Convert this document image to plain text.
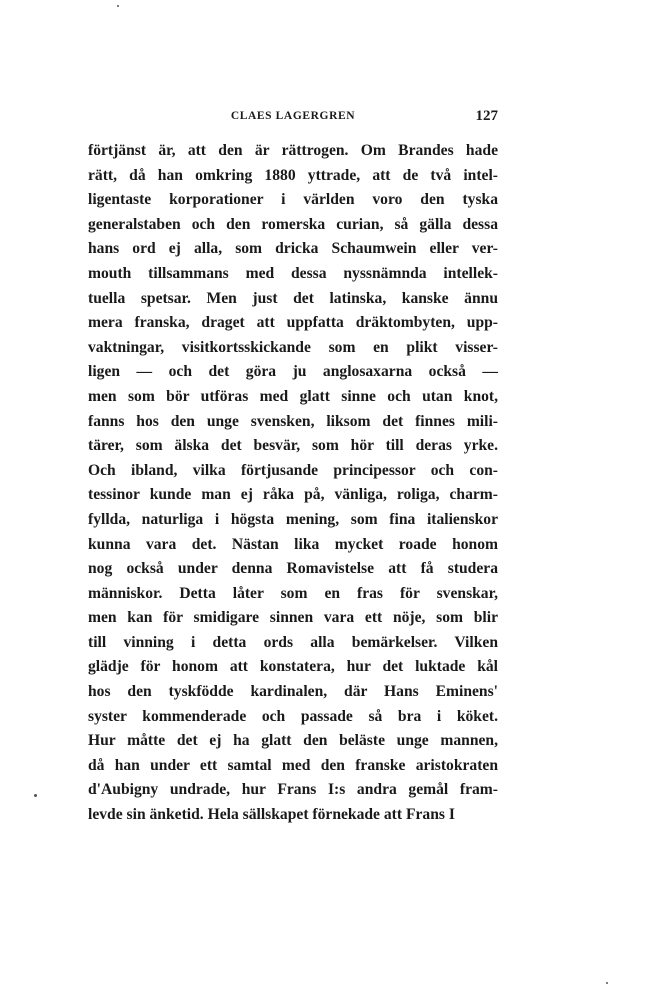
CLAES LAGERGREN	127
förtjänst är, att den är rättrogen. Om Brandes hade
rätt, då han omkring 1880 yttrade, att de två intel-
ligentaste korporationer i världen voro den tyska
generalstaben och den romerska curian, så gälla dessa
hans ord ej alla, som dricka Schaumwein eller ver-
mouth tillsammans med dessa nyssnämnda intellek-
tuella spetsar. Men just det latinska, kanske ännu
mera franska, draget att uppfatta dräktombyten, upp-
vaktningar, visitkortsskickande som en plikt visser-
ligen — och det göra ju anglosaxarna också —
men som bör utföras med glatt sinne och utan knot,
fanns hos den unge svensken, liksom det finnes mili-
tärer, som älska det besvär, som hör till deras yrke.
Och ibland, vilka förtjusande principessor och con-
tessinor kunde man ej råka på, vänliga, roliga, charm-
fyllda, naturliga i högsta mening, som fina italienskor
kunna vara det. Nästan lika mycket roade honom
nog också under denna Romavistelse att få studera
människor. Detta låter som en fras för svenskar,
men kan för smidigare sinnen vara ett nöje, som blir
till vinning i detta ords alla bemärkelser. Vilken
glädje för honom att konstatera, hur det luktade kål
hos den tyskfödde kardinalen, där Hans Eminens'
syster kommenderade och passade så bra i köket.
Hur måtte det ej ha glatt den beläste unge mannen,
då han under ett samtal med den franske aristokraten
d'Aubigny undrade, hur Frans I:s andra gemål fram-
levde sin änketid. Hela sällskapet förnekade att Frans I
